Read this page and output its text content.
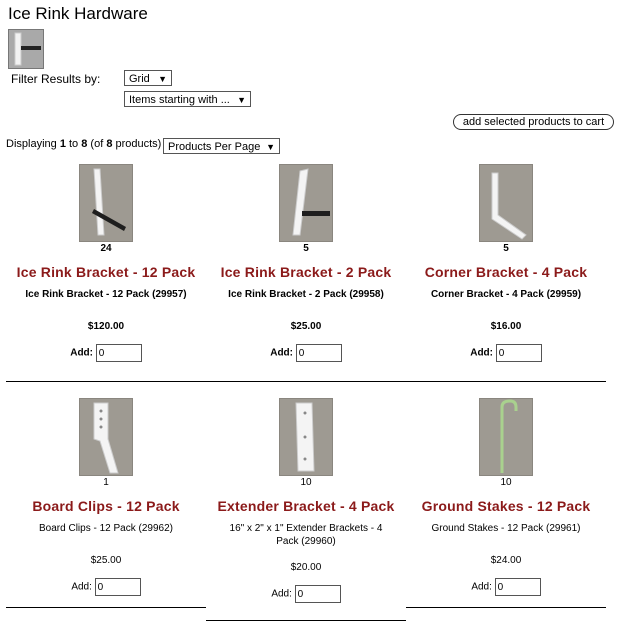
Ice Rink Hardware
Filter Results by:	Grid ▼
Items starting with ... ▼
add selected products to cart
Displaying 1 to 8 (of 8 products) Products Per Page ▼
24
Ice Rink Bracket - 12 Pack
Ice Rink Bracket - 12 Pack (29957)
$120.00
Add: 0
5
Ice Rink Bracket - 2 Pack
Ice Rink Bracket - 2 Pack (29958)
$25.00
Add: 0
5
Corner Bracket - 4 Pack
Corner Bracket - 4 Pack (29959)
$16.00
Add: 0
1
Board Clips - 12 Pack
Board Clips - 12 Pack (29962)
$25.00
Add: 0
10
Extender Bracket - 4 Pack
16" x 2" x 1" Extender Brackets - 4 Pack (29960)
$20.00
Add: 0
10
Ground Stakes - 12 Pack
Ground Stakes - 12 Pack (29961)
$24.00
Add: 0
